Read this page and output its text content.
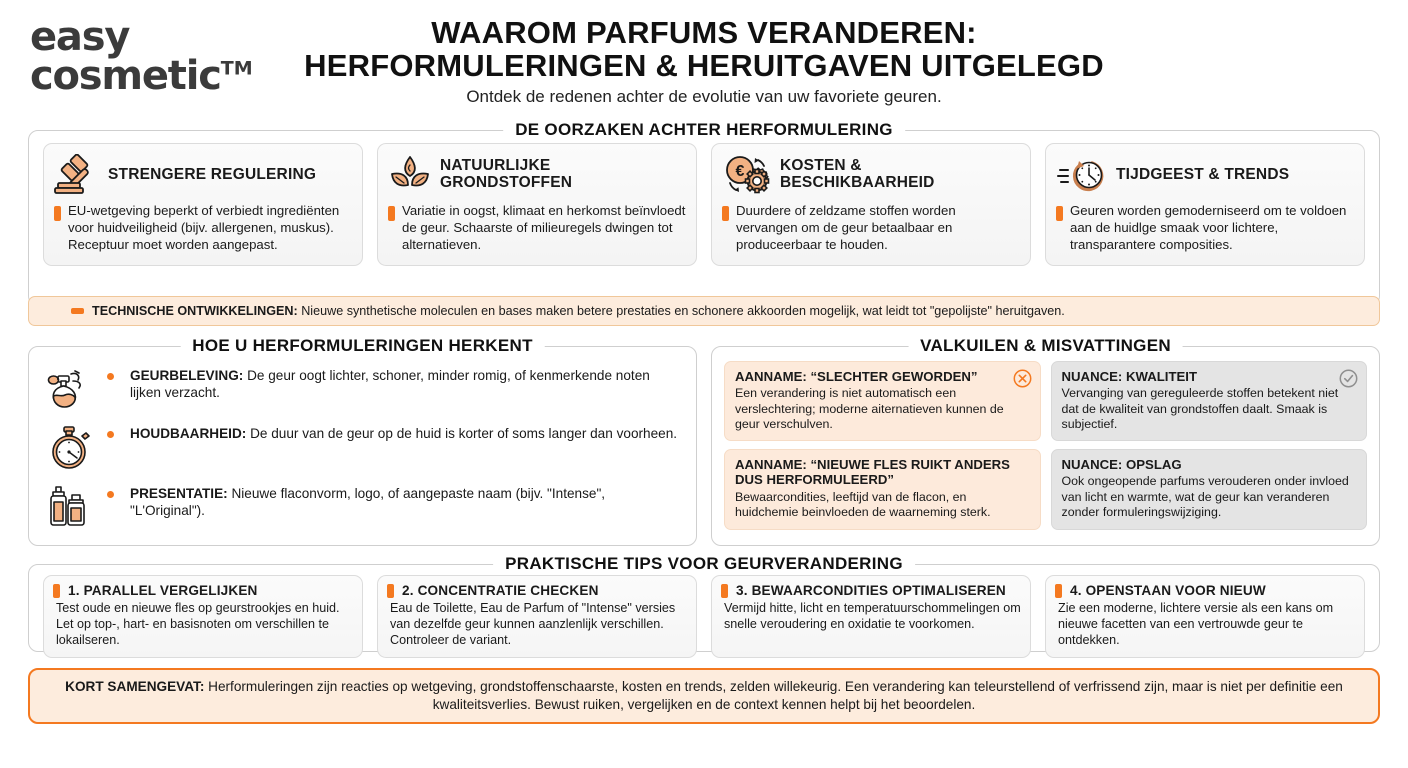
easy
cosmetic™
WAAROM PARFUMS VERANDEREN:
HERFORMULERINGEN & HERUITGAVEN UITGELEGD
Ontdek de redenen achter de evolutie van uw favoriete geuren.
DE OORZAKEN ACHTER HERFORMULERING
STRENGERE REGULERING

EU-wetgeving beperkt of verbiedt ingrediënten voor huidveiligheid (bijv. allergenen, muskus). Receptuur moet worden aangepast.

NATUURLIJKE GRONDSTOFFEN

Variatie in oogst, klimaat en herkomst beïnvloedt de geur. Schaarste of milieuregels dwingen tot alternatieven.

€ KOSTEN & BESCHIKBAARHEID

Duurdere of zeldzame stoffen worden vervangen om de geur betaalbaar en produceerbaar te houden.

TIJDGEEST & TRENDS

Geuren worden gemoderniseerd om te voldoen aan de huidlge smaak voor lichtere, transparantere composities.

TECHNISCHE ONTWIKKELINGEN: Nieuwe synthetische moleculen en bases maken betere prestaties en schonere akkoorden mogelijk, wat leidt tot "gepolijste" heruitgaven.
HOE U HERFORMULERINGEN HERKENT
GEURBELEVING: De geur oogt lichter, schoner, minder romig, of kenmerkende noten lijken verzacht.
HOUDBAARHEID: De duur van de geur op de huid is korter of soms langer dan voorheen.
PRESENTATIE: Nieuwe flaconvorm, logo, of aangepaste naam (bijv. "Intense", "L'Original").
VALKUILEN & MISVATTINGEN
AANNAME: “SLECHTER GEWORDEN”
Een verandering is niet automatisch een verslechtering; moderne aiternatieven kunnen de geur verschulven.
NUANCE: KWALITEIT
Vervanging van gereguleerde stoffen betekent niet dat de kwaliteit van grondstoffen daalt. Smaak is subjectief.
AANNAME: “NIEUWE FLES RUIKT ANDERS DUS HERFORMULEERD”
Bewaarcondities, leeftijd van de flacon, en huidchemie beinvloeden de waarneming sterk.
NUANCE: OPSLAG
Ook ongeopende parfums verouderen onder invloed van licht en warmte, wat de geur kan veranderen zonder formuleringswijziging.
PRAKTISCHE TIPS VOOR GEURVERANDERING
1. PARALLEL VERGELIJKEN

Test oude en nieuwe fles op geurstrookjes en huid. Let op top-, hart- en basisnoten om verschillen te lokailseren.

2. CONCENTRATIE CHECKEN

Eau de Toilette, Eau de Parfum of "Intense" versies van dezelfde geur kunnen aanzlenlijk verschillen. Controleer de variant.

3. BEWAARCONDITIES OPTIMALISEREN

Vermijd hitte, licht en temperatuurschommelingen om snelle veroudering en oxidatie te voorkomen.

4. OPENSTAAN VOOR NIEUW

Zie een moderne, lichtere versie als een kans om nieuwe facetten van een vertrouwde geur te ontdekken.

KORT SAMENGEVAT: Herformuleringen zijn reacties op wetgeving, grondstoffenschaarste, kosten en trends, zelden willekeurig. Een verandering kan teleurstellend of verfrissend zijn, maar is niet per definitie een kwaliteitsverlies. Bewust ruiken, vergelijken en de context kennen helpt bij het beoordelen.
